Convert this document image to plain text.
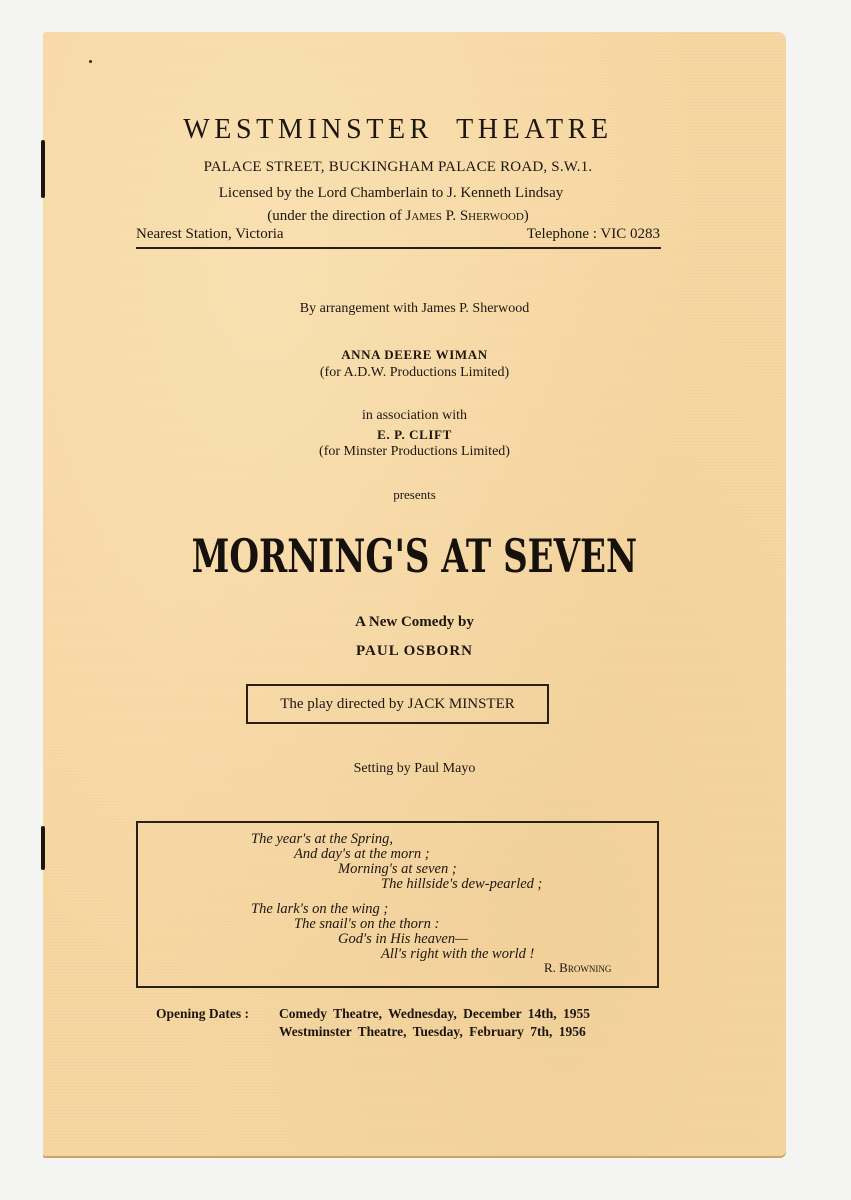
WESTMINSTER THEATRE
PALACE STREET, BUCKINGHAM PALACE ROAD, S.W.1.
Licensed by the Lord Chamberlain to J. Kenneth Lindsay
(under the direction of James P. Sherwood)
Nearest Station, Victoria	Telephone : VIC 0283
By arrangement with James P. Sherwood
ANNA DEERE WIMAN
(for A.D.W. Productions Limited)
in association with
E. P. CLIFT
(for Minster Productions Limited)
presents
MORNING'S AT SEVEN
A New Comedy by
PAUL OSBORN
The play directed by JACK MINSTER
Setting by Paul Mayo
The year's at the Spring,
And day's at the morn ;
Morning's at seven ;
The hillside's dew-pearled ;
The lark's on the wing ;
The snail's on the thorn :
God's in His heaven—
All's right with the world !
R. Browning
Opening Dates : Comedy Theatre, Wednesday, December 14th, 1955
Westminster Theatre, Tuesday, February 7th, 1956
